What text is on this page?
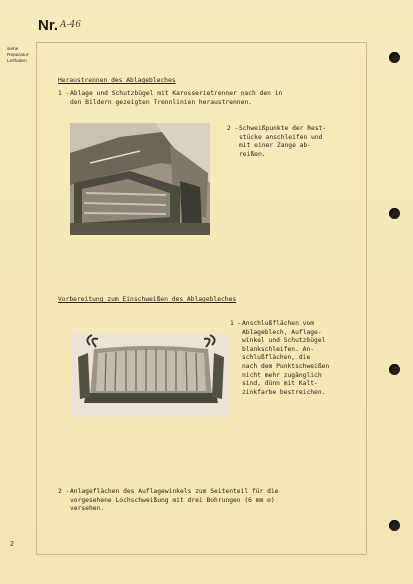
Nr. A-46
siehe
Reparatur-
Leitfaden
Heraustrennen des Ablagebleches
1 - Ablage und Schutzbügel mit Karosserietrenner nach den in
den Bildern gezeigten Trennlinien heraustrennen.
2 - Schweißpunkte der Rest-
stücke anschleifen und
mit einer Zange ab-
reißen.
Vorbereitung zum Einschweißen des Ablagebleches
1 - Anschlußflächen vom
Ablageblech, Auflage-
winkel und Schutzbügel
blankschleifen. An-
schlußflächen, die
nach dem Punktschweißen
nicht mehr zugänglich
sind, dünn mit Kalt-
zinkfarbe bestreichen.
2 - Anlageflächen des Auflagewinkels zum Seitenteil für die
vorgesehene Lochschweißung mit drei Bohrungen (6 mm ⌀)
versehen.
2
